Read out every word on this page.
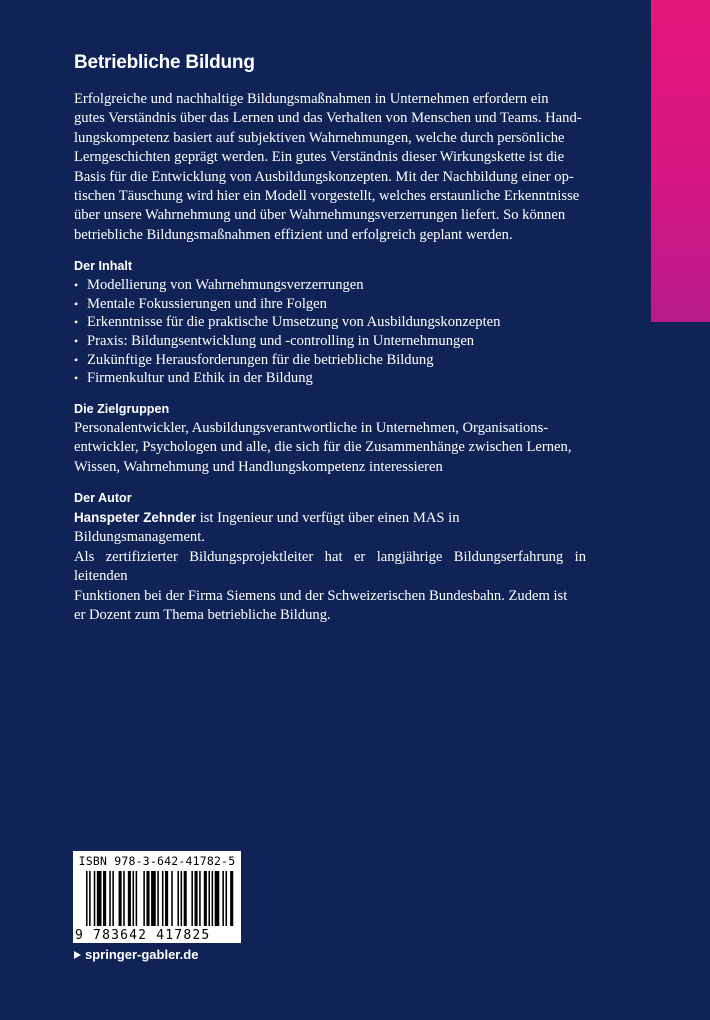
Betriebliche Bildung
Erfolgreiche und nachhaltige Bildungsmaßnahmen in Unternehmen erfordern ein
gutes Verständnis über das Lernen und das Verhalten von Menschen und Teams. Hand-
lungskompetenz basiert auf subjektiven Wahrnehmungen, welche durch persönliche
Lerngeschichten geprägt werden. Ein gutes Verständnis dieser Wirkungskette ist die
Basis für die Entwicklung von Ausbildungskonzepten. Mit der Nachbildung einer op-
tischen Täuschung wird hier ein Modell vorgestellt, welches erstaunliche Erkenntnisse
über unsere Wahrnehmung und über Wahrnehmungsverzerrungen liefert. So können
betriebliche Bildungsmaßnahmen effizient und erfolgreich geplant werden.
Der Inhalt
• Modellierung von Wahrnehmungsverzerrungen
• Mentale Fokussierungen und ihre Folgen
• Erkenntnisse für die praktische Umsetzung von Ausbildungskonzepten
• Praxis: Bildungsentwicklung und -controlling in Unternehmungen
• Zukünftige Herausforderungen für die betriebliche Bildung
• Firmenkultur und Ethik in der Bildung
Die Zielgruppen
Personalentwickler, Ausbildungsverantwortliche in Unternehmen, Organisations-
entwickler, Psychologen und alle, die sich für die Zusammenhänge zwischen Lernen,
Wissen, Wahrnehmung und Handlungskompetenz interessieren
Der Autor
Hanspeter Zehnder ist Ingenieur und verfügt über einen MAS in Bildungsmanagement.
Als zertifizierter Bildungsprojektleiter hat er langjährige Bildungserfahrung in leitenden
Funktionen bei der Firma Siemens und der Schweizerischen Bundesbahn. Zudem ist
er Dozent zum Thema betriebliche Bildung.
ISBN 978-3-642-41782-5
9 783642 417825
springer-gabler.de
